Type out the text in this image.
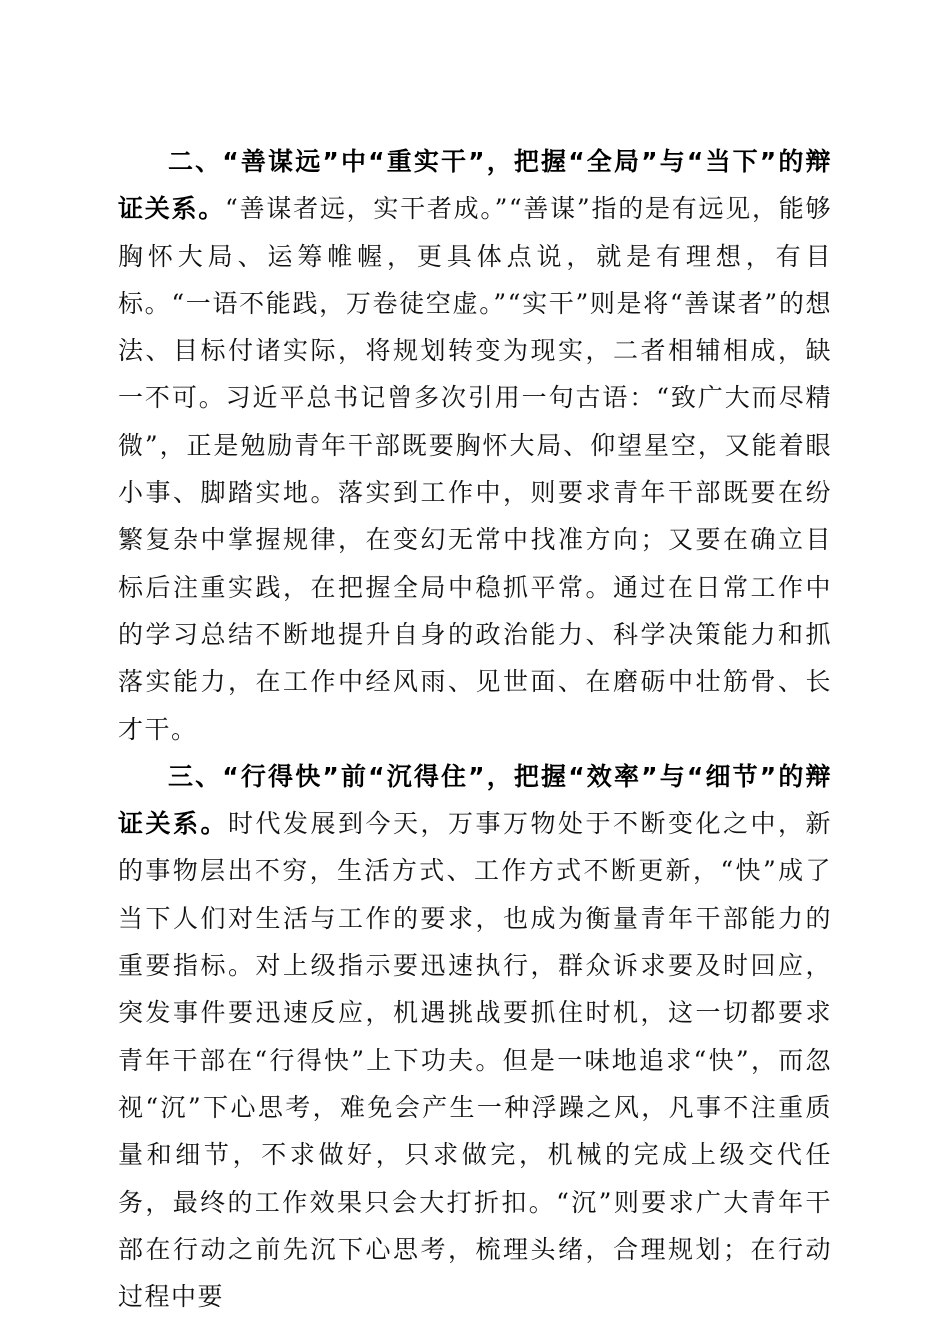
二、“善谋远”中“重实干”，把握“全局”与“当下”的辩证关系。“善谋者远，实干者成。”“善谋”指的是有远见，能够胸怀大局、运筹帷幄，更具体点说，就是有理想，有目标。“一语不能践，万卷徒空虚。”“实干”则是将“善谋者”的想法、目标付诸实际，将规划转变为现实，二者相辅相成，缺一不可。习近平总书记曾多次引用一句古语：“致广大而尽精微”，正是勉励青年干部既要胸怀大局、仰望星空，又能着眼小事、脚踏实地。落实到工作中，则要求青年干部既要在纷繁复杂中掌握规律，在变幻无常中找准方向；又要在确立目标后注重实践，在把握全局中稳抓平常。通过在日常工作中的学习总结不断地提升自身的政治能力、科学决策能力和抓落实能力，在工作中经风雨、见世面、在磨砺中壮筋骨、长才干。

三、“行得快”前“沉得住”，把握“效率”与“细节”的辩证关系。时代发展到今天，万事万物处于不断变化之中，新的事物层出不穷，生活方式、工作方式不断更新，“快”成了当下人们对生活与工作的要求，也成为衡量青年干部能力的重要指标。对上级指示要迅速执行，群众诉求要及时回应，突发事件要迅速反应，机遇挑战要抓住时机，这一切都要求青年干部在“行得快”上下功夫。但是一味地追求“快”，而忽视“沉”下心思考，难免会产生一种浮躁之风，凡事不注重质量和细节，不求做好，只求做完，机械的完成上级交代任务，最终的工作效果只会大打折扣。“沉”则要求广大青年干部在行动之前先沉下心思考，梳理头绪，合理规划；在行动过程中要
